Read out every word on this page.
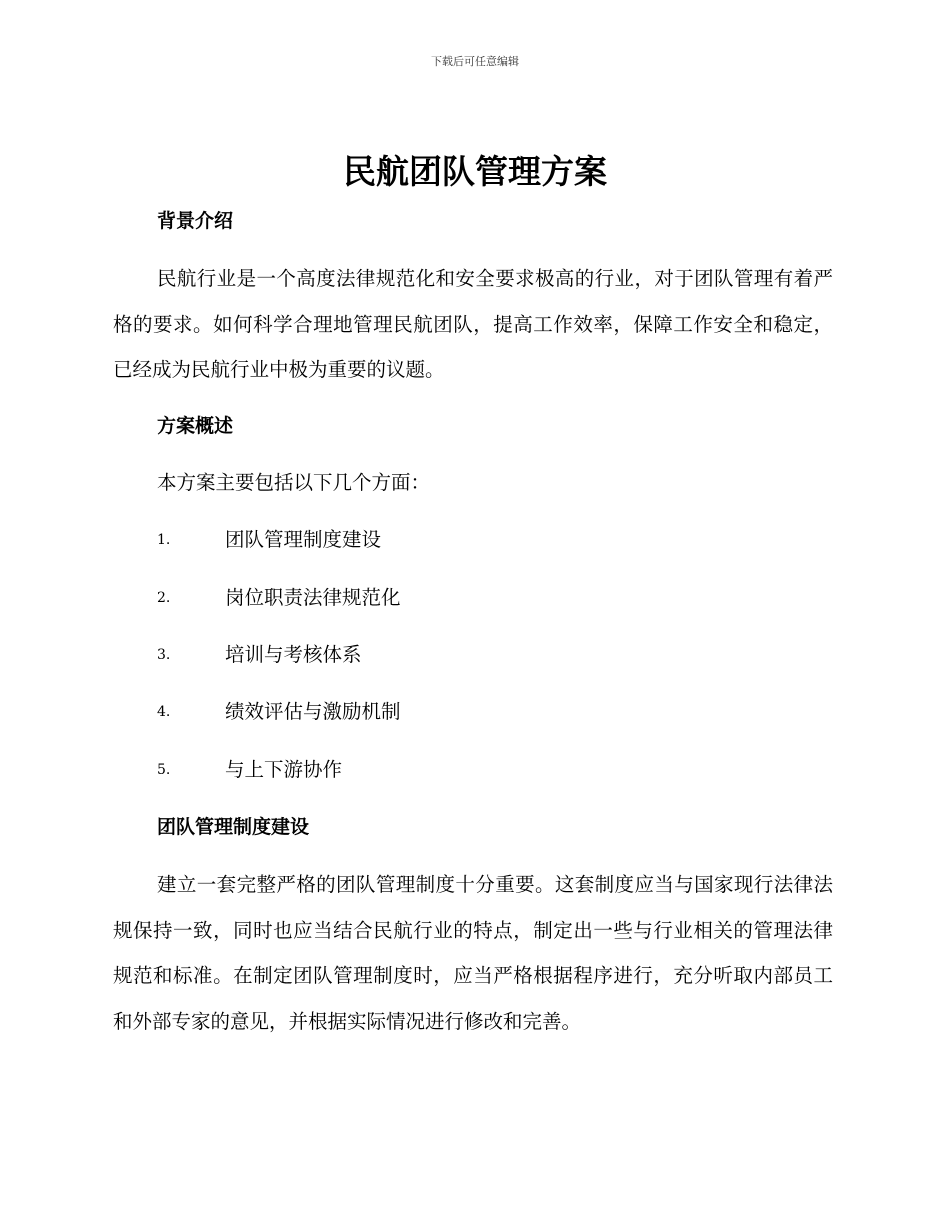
下载后可任意编辑
民航团队管理方案
背景介绍

民航行业是一个高度法律规范化和安全要求极高的行业，对于团队管理有着严格的要求。如何科学合理地管理民航团队，提高工作效率，保障工作安全和稳定，已经成为民航行业中极为重要的议题。

方案概述

本方案主要包括以下几个方面：

1.	团队管理制度建设
2.	岗位职责法律规范化
3.	培训与考核体系
4.	绩效评估与激励机制
5.	与上下游协作
团队管理制度建设

建立一套完整严格的团队管理制度十分重要。这套制度应当与国家现行法律法规保持一致，同时也应当结合民航行业的特点，制定出一些与行业相关的管理法律规范和标准。在制定团队管理制度时，应当严格根据程序进行，充分听取内部员工和外部专家的意见，并根据实际情况进行修改和完善。
